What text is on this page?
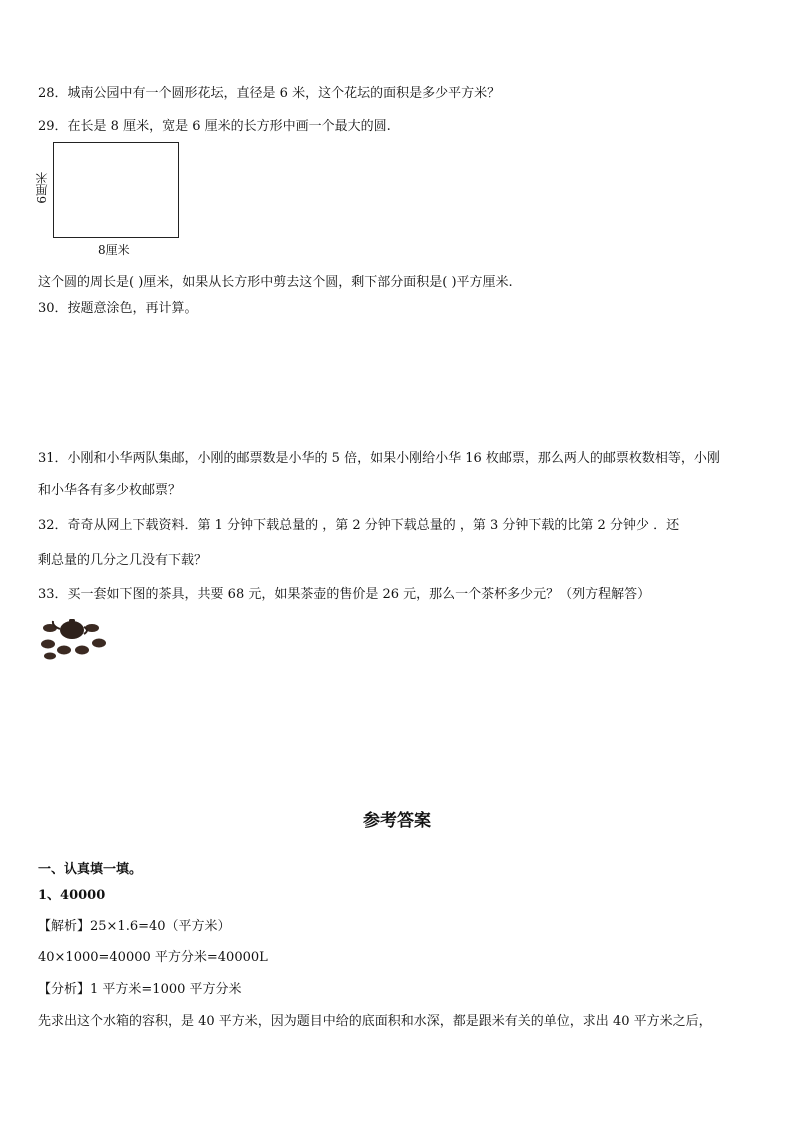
28．城南公园中有一个圆形花坛，直径是 6 米，这个花坛的面积是多少平方米？
29．在长是 8 厘米，宽是 6 厘米的长方形中画一个最大的圆.
6厘米
8厘米
这个圆的周长是( )厘米，如果从长方形中剪去这个圆，剩下部分面积是( )平方厘米.
30．按题意涂色，再计算。
31．小刚和小华两队集邮，小刚的邮票数是小华的 5 倍，如果小刚给小华 16 枚邮票，那么两人的邮票枚数相等，小刚
和小华各有多少枚邮票？
32．奇奇从网上下载资料．第 1 分钟下载总量的 ，第 2 分钟下载总量的 ，第 3 分钟下载的比第 2 分钟少 ．还
剩总量的几分之几没有下载？
33．买一套如下图的茶具，共要 68 元，如果茶壶的售价是 26 元，那么一个茶杯多少元？（列方程解答）
参考答案
一、认真填一填。
1、40000
【解析】25×1.6=40（平方米）
40×1000=40000 平方分米=40000L
【分析】1 平方米=1000 平方分米
先求出这个水箱的容积，是 40 平方米，因为题目中给的底面积和水深，都是跟米有关的单位，求出 40 平方米之后，
